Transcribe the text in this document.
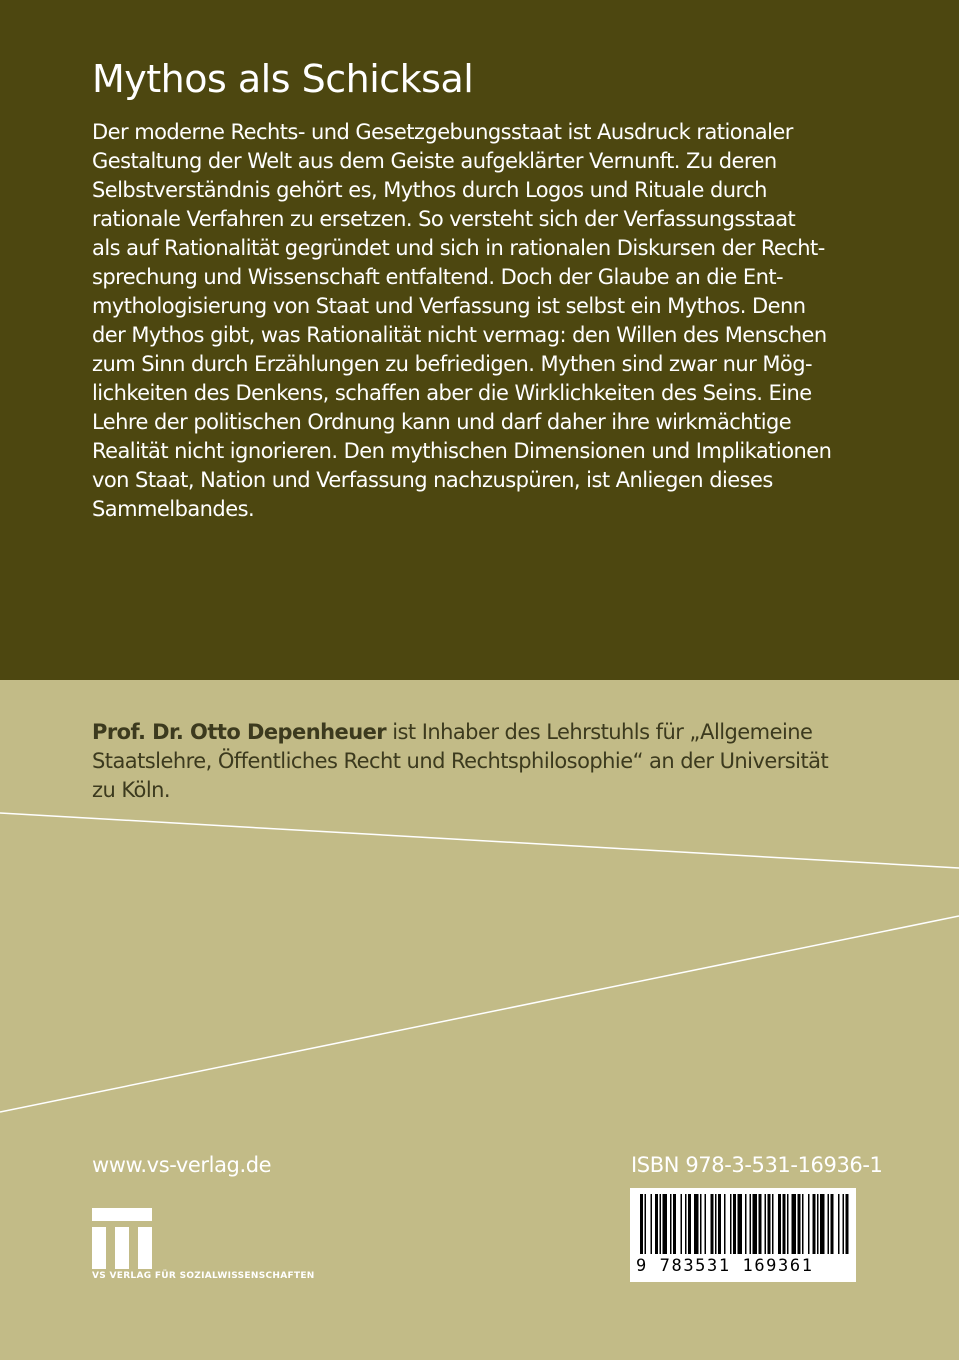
Mythos als Schicksal
Der moderne Rechts- und Gesetzgebungsstaat ist Ausdruck rationaler
Gestaltung der Welt aus dem Geiste aufgeklärter Vernunft. Zu deren
Selbstverständnis gehört es, Mythos durch Logos und Rituale durch
rationale Verfahren zu ersetzen. So versteht sich der Verfassungsstaat
als auf Rationalität gegründet und sich in rationalen Diskursen der Recht-
sprechung und Wissenschaft entfaltend. Doch der Glaube an die Ent-
mythologisierung von Staat und Verfassung ist selbst ein Mythos. Denn
der Mythos gibt, was Rationalität nicht vermag: den Willen des Menschen
zum Sinn durch Erzählungen zu befriedigen. Mythen sind zwar nur Mög-
lichkeiten des Denkens, schaffen aber die Wirklichkeiten des Seins. Eine
Lehre der politischen Ordnung kann und darf daher ihre wirkmächtige
Realität nicht ignorieren. Den mythischen Dimensionen und Implikationen
von Staat, Nation und Verfassung nachzuspüren, ist Anliegen dieses
Sammelbandes.
Prof. Dr. Otto Depenheuer ist Inhaber des Lehrstuhls für „Allgemeine
Staatslehre, Öffentliches Recht und Rechtsphilosophie“ an der Universität
zu Köln.
www.vs-verlag.de	ISBN 978-3-531-16936-1
VS VERLAG FÜR SOZIALWISSENSCHAFTEN	9 783531 169361
